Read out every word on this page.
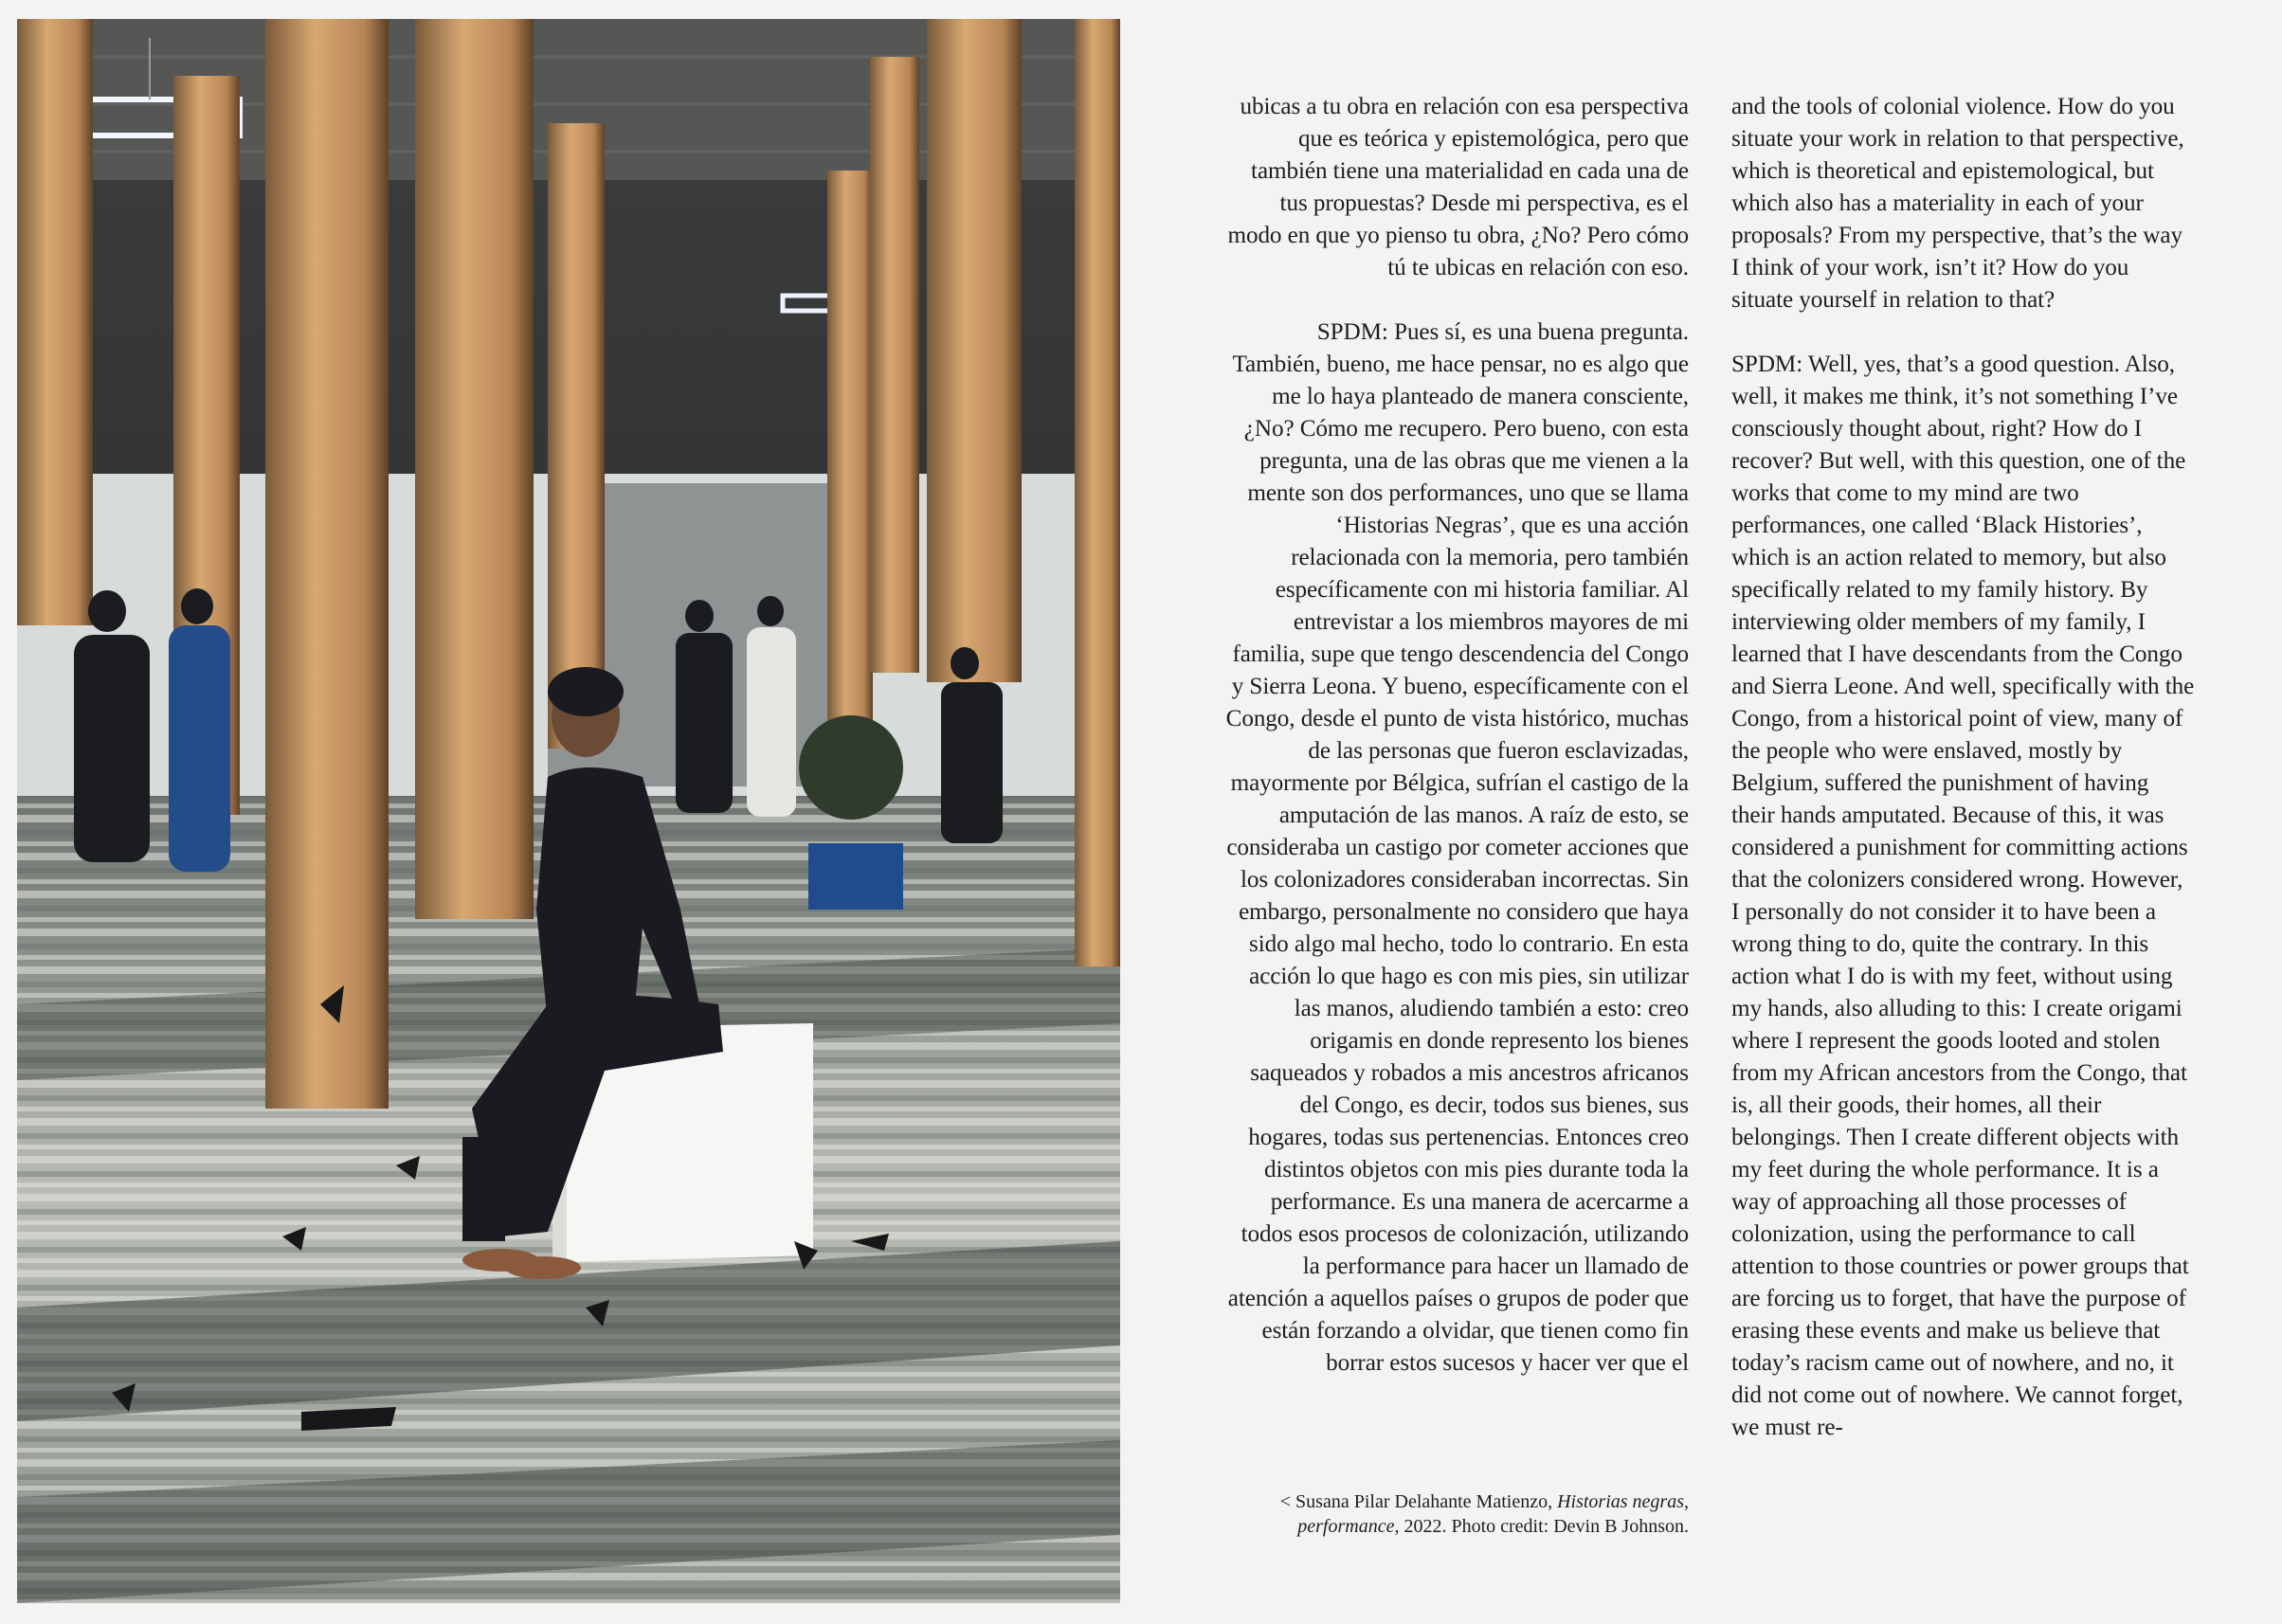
ubicas a tu obra en relación con esa perspectiva que es teórica y epistemológica, pero que también tiene una materialidad en cada una de tus propuestas? Desde mi perspectiva, es el modo en que yo pienso tu obra, ¿No? Pero cómo tú te ubicas en relación con eso.

SPDM: Pues sí, es una buena pregunta. También, bueno, me hace pensar, no es algo que me lo haya planteado de manera consciente, ¿No? Cómo me recupero. Pero bueno, con esta pregunta, una de las obras que me vienen a la mente son dos performances, uno que se llama ‘Historias Negras’, que es una acción relacionada con la memoria, pero también específicamente con mi historia familiar. Al entrevistar a los miembros mayores de mi familia, supe que tengo descendencia del Congo y Sierra Leona. Y bueno, específicamente con el Congo, desde el punto de vista histórico, muchas de las personas que fueron esclavizadas, mayormente por Bélgica, sufrían el castigo de la amputación de las manos. A raíz de esto, se consideraba un castigo por cometer acciones que los colonizadores consideraban incorrectas. Sin embargo, personalmente no considero que haya sido algo mal hecho, todo lo contrario. En esta acción lo que hago es con mis pies, sin utilizar las manos, aludiendo también a esto: creo origamis en donde represento los bienes saqueados y robados a mis ancestros africanos del Congo, es decir, todos sus bienes, sus hogares, todas sus pertenencias. Entonces creo distintos objetos con mis pies durante toda la performance. Es una manera de acercarme a todos esos procesos de colonización, utilizando la performance para hacer un llamado de atención a aquellos países o grupos de poder que están forzando a olvidar, que tienen como fin borrar estos sucesos y hacer ver que el

and the tools of colonial violence. How do you situate your work in relation to that perspective, which is theoretical and epistemological, but which also has a materiality in each of your proposals? From my perspective, that’s the way I think of your work, isn’t it? How do you situate yourself in relation to that?

SPDM: Well, yes, that’s a good question. Also, well, it makes me think, it’s not something I’ve consciously thought about, right? How do I recover? But well, with this question, one of the works that come to my mind are two performances, one called ‘Black Histories’, which is an action related to memory, but also specifically related to my family history. By interviewing older members of my family, I learned that I have descendants from the Congo and Sierra Leone. And well, specifically with the Congo, from a historical point of view, many of the people who were enslaved, mostly by Belgium, suffered the punishment of having their hands amputated. Because of this, it was considered a punishment for committing actions that the colonizers considered wrong. However, I personally do not consider it to have been a wrong thing to do, quite the contrary. In this action what I do is with my feet, without using my hands, also alluding to this: I create origami where I represent the goods looted and stolen from my African ancestors from the Congo, that is, all their goods, their homes, all their belongings. Then I create different objects with my feet during the whole performance. It is a way of approaching all those processes of colonization, using the performance to call attention to those countries or power groups that are forcing us to forget, that have the purpose of erasing these events and make us believe that today’s racism came out of nowhere, and no, it did not come out of nowhere. We cannot forget, we must re-

< Susana Pilar Delahante Matienzo, Historias negras, performance, 2022. Photo credit: Devin B Johnson.
